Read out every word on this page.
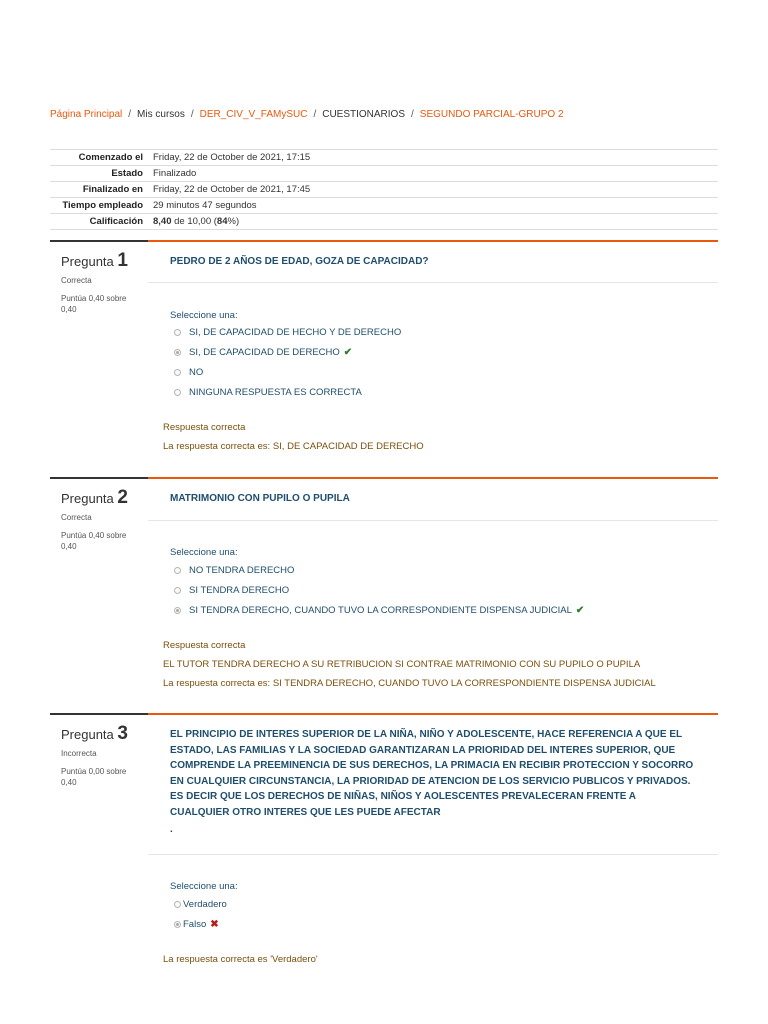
Página Principal / Mis cursos / DER_CIV_V_FAMySUC / CUESTIONARIOS / SEGUNDO PARCIAL-GRUPO 2
Comenzado el	Friday, 22 de October de 2021, 17:15
Estado	Finalizado
Finalizado en	Friday, 22 de October de 2021, 17:45
Tiempo empleado	29 minutos 47 segundos
Calificación	8,40 de 10,00 (84%)
Pregunta 1
Correcta
Puntúa 0,40 sobre 0,40
PEDRO DE 2 AÑOS DE EDAD, GOZA DE CAPACIDAD?
Seleccione una:
SI, DE CAPACIDAD DE HECHO Y DE DERECHO
SI, DE CAPACIDAD DE DERECHO ✔
NO
NINGUNA RESPUESTA ES CORRECTA
Respuesta correcta
La respuesta correcta es: SI, DE CAPACIDAD DE DERECHO
Pregunta 2
Correcta
Puntúa 0,40 sobre 0,40
MATRIMONIO CON PUPILO O PUPILA
Seleccione una:
NO TENDRA DERECHO
SI TENDRA DERECHO
SI TENDRA DERECHO, CUANDO TUVO LA CORRESPONDIENTE DISPENSA JUDICIAL ✔
Respuesta correcta
EL TUTOR TENDRA DERECHO A SU RETRIBUCION SI CONTRAE MATRIMONIO CON SU PUPILO O PUPILA
La respuesta correcta es: SI TENDRA DERECHO, CUANDO TUVO LA CORRESPONDIENTE DISPENSA JUDICIAL
Pregunta 3
Incorrecta
Puntúa 0,00 sobre 0,40
EL PRINCIPIO DE INTERES SUPERIOR DE LA NIÑA, NIÑO Y ADOLESCENTE, HACE REFERENCIA A QUE EL ESTADO, LAS FAMILIAS Y LA SOCIEDAD GARANTIZARAN LA PRIORIDAD DEL INTERES SUPERIOR, QUE COMPRENDE LA PREEMINENCIA DE SUS DERECHOS, LA PRIMACIA EN RECIBIR PROTECCION Y SOCORRO EN CUALQUIER CIRCUNSTANCIA, LA PRIORIDAD DE ATENCION DE LOS SERVICIO PUBLICOS Y PRIVADOS. ES DECIR QUE LOS DERECHOS DE NIÑAS, NIÑOS Y AOLESCENTES PREVALECERAN FRENTE A CUALQUIER OTRO INTERES QUE LES PUEDE AFECTAR
.
Seleccione una:
Verdadero
Falso ✖
La respuesta correcta es 'Verdadero'
